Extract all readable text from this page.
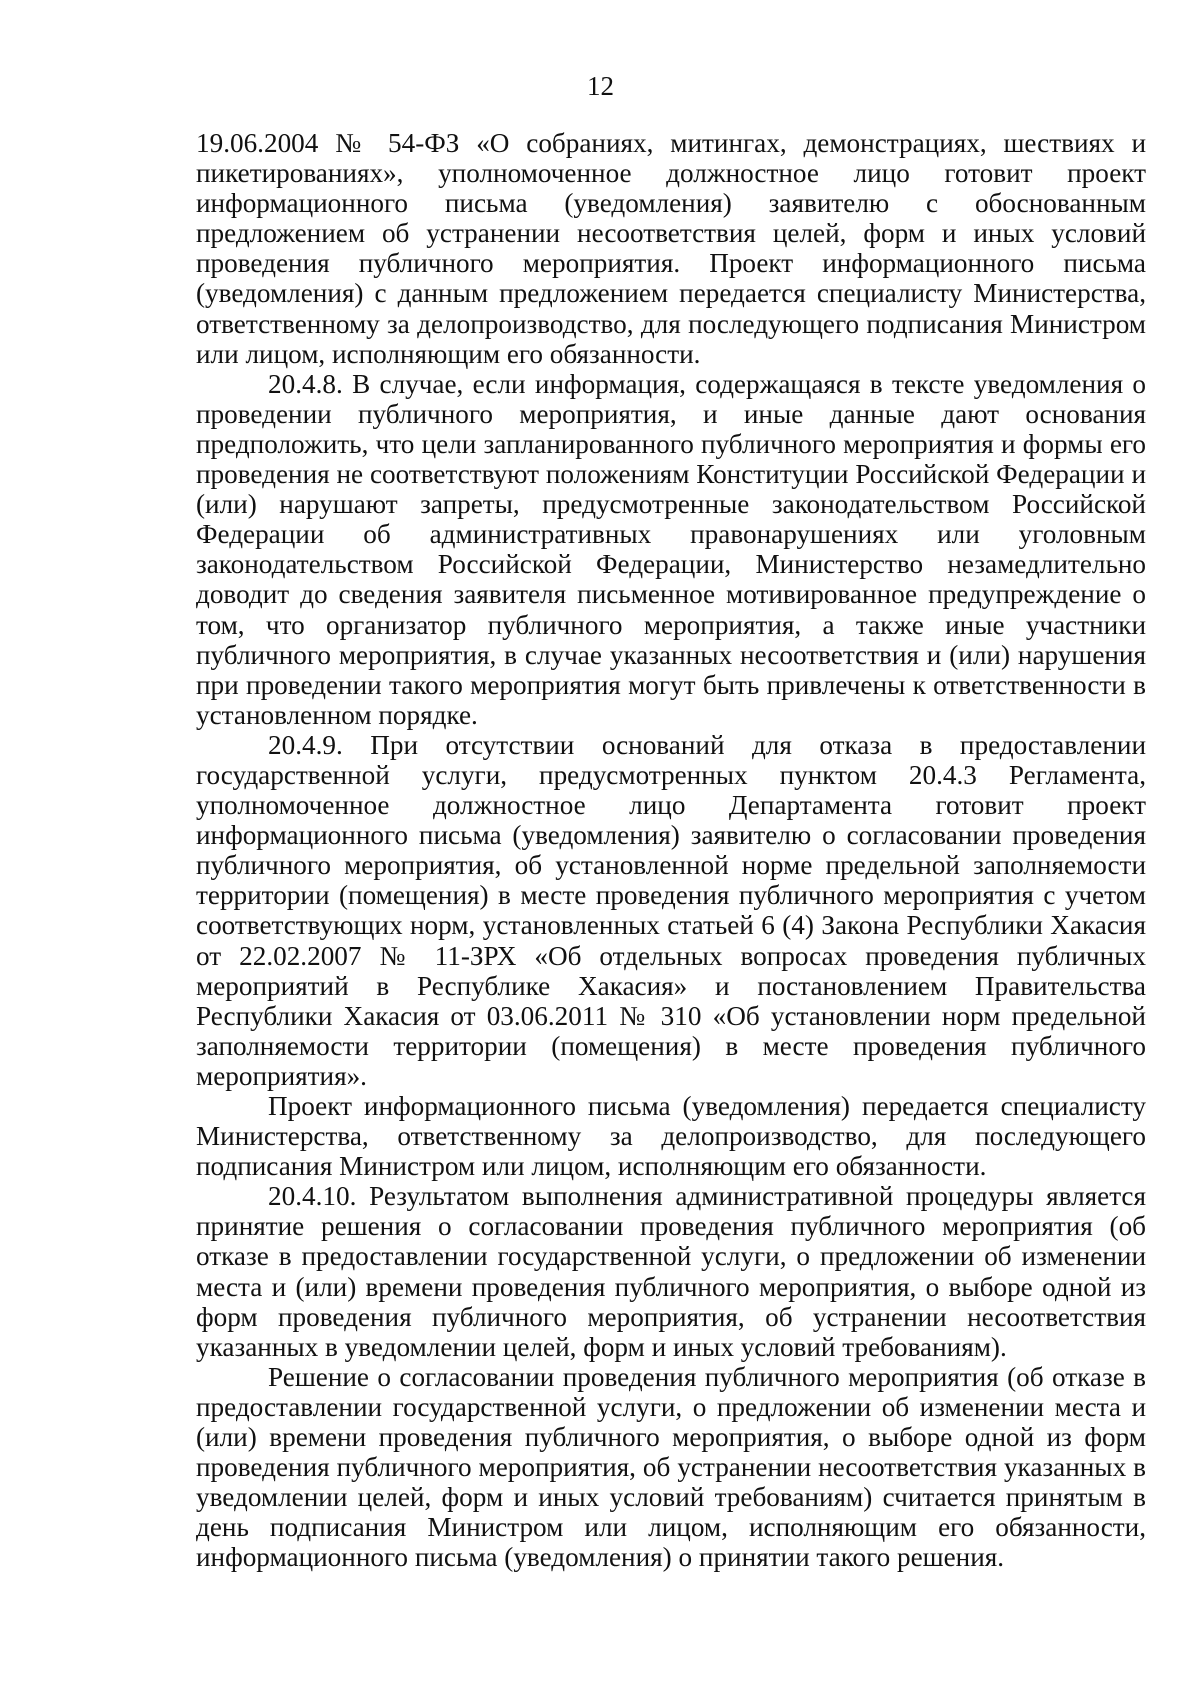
12

19.06.2004 № 54-ФЗ «О собраниях, митингах, демонстрациях, шествиях и пикетированиях», уполномоченное должностное лицо готовит проект информационного письма (уведомления) заявителю с обоснованным предложением об устранении несоответствия целей, форм и иных условий проведения публичного мероприятия. Проект информационного письма (уведомления) с данным предложением передается специалисту Министерства, ответственному за делопроизводство, для последующего подписания Министром или лицом, исполняющим его обязанности.

20.4.8. В случае, если информация, содержащаяся в тексте уведомления о проведении публичного мероприятия, и иные данные дают основания предположить, что цели запланированного публичного мероприятия и формы его проведения не соответствуют положениям Конституции Российской Федерации и (или) нарушают запреты, предусмотренные законодательством Российской Федерации об административных правонарушениях или уголовным законодательством Российской Федерации, Министерство незамедлительно доводит до сведения заявителя письменное мотивированное предупреждение о том, что организатор публичного мероприятия, а также иные участники публичного мероприятия, в случае указанных несоответствия и (или) нарушения при проведении такого мероприятия могут быть привлечены к ответственности в установленном порядке.

20.4.9. При отсутствии оснований для отказа в предоставлении государственной услуги, предусмотренных пунктом 20.4.3 Регламента, уполномоченное должностное лицо Департамента готовит проект информационного письма (уведомления) заявителю о согласовании проведения публичного мероприятия, об установленной норме предельной заполняемости территории (помещения) в месте проведения публичного мероприятия с учетом соответствующих норм, установленных статьей 6 (4) Закона Республики Хакасия от 22.02.2007 № 11-ЗРХ «Об отдельных вопросах проведения публичных мероприятий в Республике Хакасия» и постановлением Правительства Республики Хакасия от 03.06.2011 № 310 «Об установлении норм предельной заполняемости территории (помещения) в месте проведения публичного мероприятия».

Проект информационного письма (уведомления) передается специалисту Министерства, ответственному за делопроизводство, для последующего подписания Министром или лицом, исполняющим его обязанности.

20.4.10. Результатом выполнения административной процедуры является принятие решения о согласовании проведения публичного мероприятия (об отказе в предоставлении государственной услуги, о предложении об изменении места и (или) времени проведения публичного мероприятия, о выборе одной из форм проведения публичного мероприятия, об устранении несоответствия указанных в уведомлении целей, форм и иных условий требованиям).

Решение о согласовании проведения публичного мероприятия (об отказе в предоставлении государственной услуги, о предложении об изменении места и (или) времени проведения публичного мероприятия, о выборе одной из форм проведения публичного мероприятия, об устранении несоответствия указанных в уведомлении целей, форм и иных условий требованиям) считается принятым в день подписания Министром или лицом, исполняющим его обязанности, информационного письма (уведомления) о принятии такого решения.
